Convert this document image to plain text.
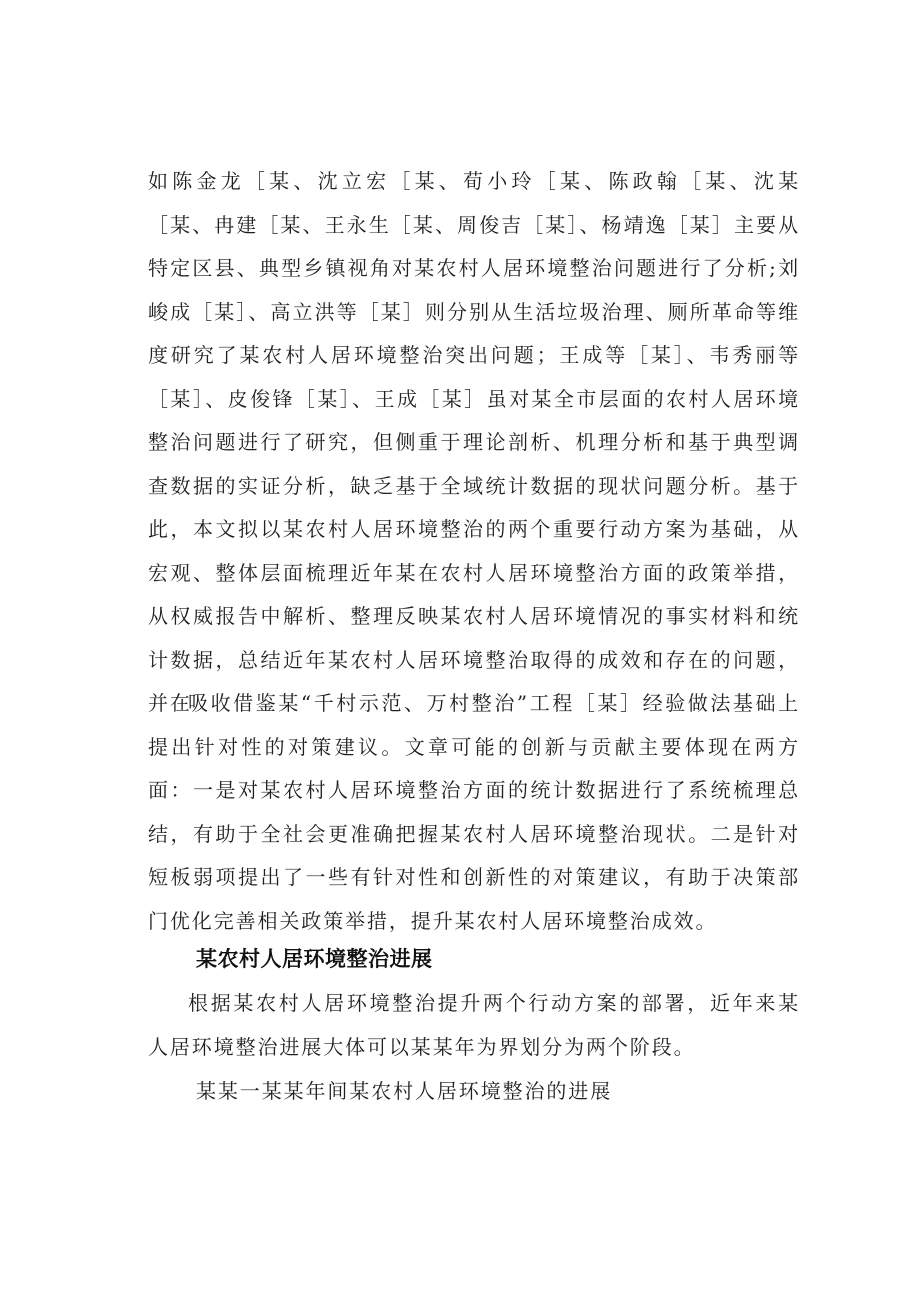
如陈金龙［某、沈立宏［某、荀小玲［某、陈政翰［某、沈某［某、冉建［某、王永生［某、周俊吉［某］、杨靖逸［某］主要从特定区县、典型乡镇视角对某农村人居环境整治问题进行了分析;刘峻成［某］、高立洪等［某］则分别从生活垃圾治理、厕所革命等维度研究了某农村人居环境整治突出问题；王成等［某］、韦秀丽等［某］、皮俊锋［某］、王成［某］虽对某全市层面的农村人居环境整治问题进行了研究，但侧重于理论剖析、机理分析和基于典型调查数据的实证分析，缺乏基于全域统计数据的现状问题分析。基于此，本文拟以某农村人居环境整治的两个重要行动方案为基础，从宏观、整体层面梳理近年某在农村人居环境整治方面的政策举措，从权威报告中解析、整理反映某农村人居环境情况的事实材料和统计数据，总结近年某农村人居环境整治取得的成效和存在的问题，并在

吸收借鉴某“千村示范、万村整治”工程［某］经验做法基础上提出针对性的对策建议。文章可能的创新与贡献主要体现在两方面：一是对某农村人居环境整治方面的统计数据进行了系统梳理总结，有助于全社会更准确把握某农村人居环境整治现状。二是针对短板弱项提出了一些有针对性和创新性的对策建议，有助于决策部门优化完善相关政策举措，提升某农村人居环境整治成效。

某农村人居环境整治进展

根据某农村人居环境整治提升两个行动方案的部署，近年来某人居环境整治进展大体可以某某年为界划分为两个阶段。

某某一某某年间某农村人居环境整治的进展
